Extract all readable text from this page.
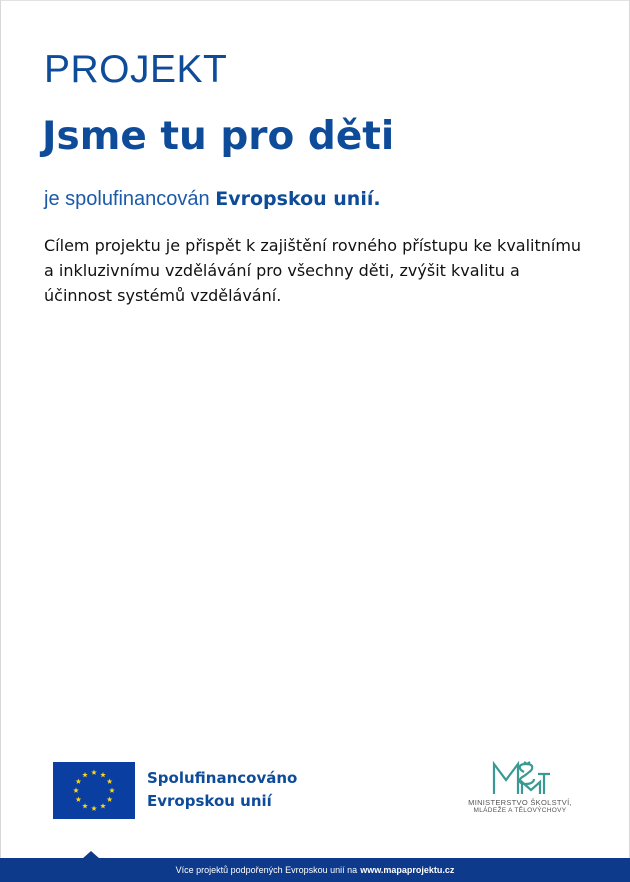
PROJEKT
Jsme tu pro děti
je spolufinancován Evropskou unií.
Cílem projektu je přispět k zajištění rovného přístupu ke kvalitnímu a inkluzivnímu vzdělávání pro všechny děti, zvýšit kvalitu a účinnost systémů vzdělávání.
Spolufinancováno
Evropskou unií	MINISTERSTVO ŠKOLSTVÍ,
MLÁDEŽE A TĚLOVÝCHOVY
Více projektů podpořených Evropskou unií na www.mapaprojektu.cz
